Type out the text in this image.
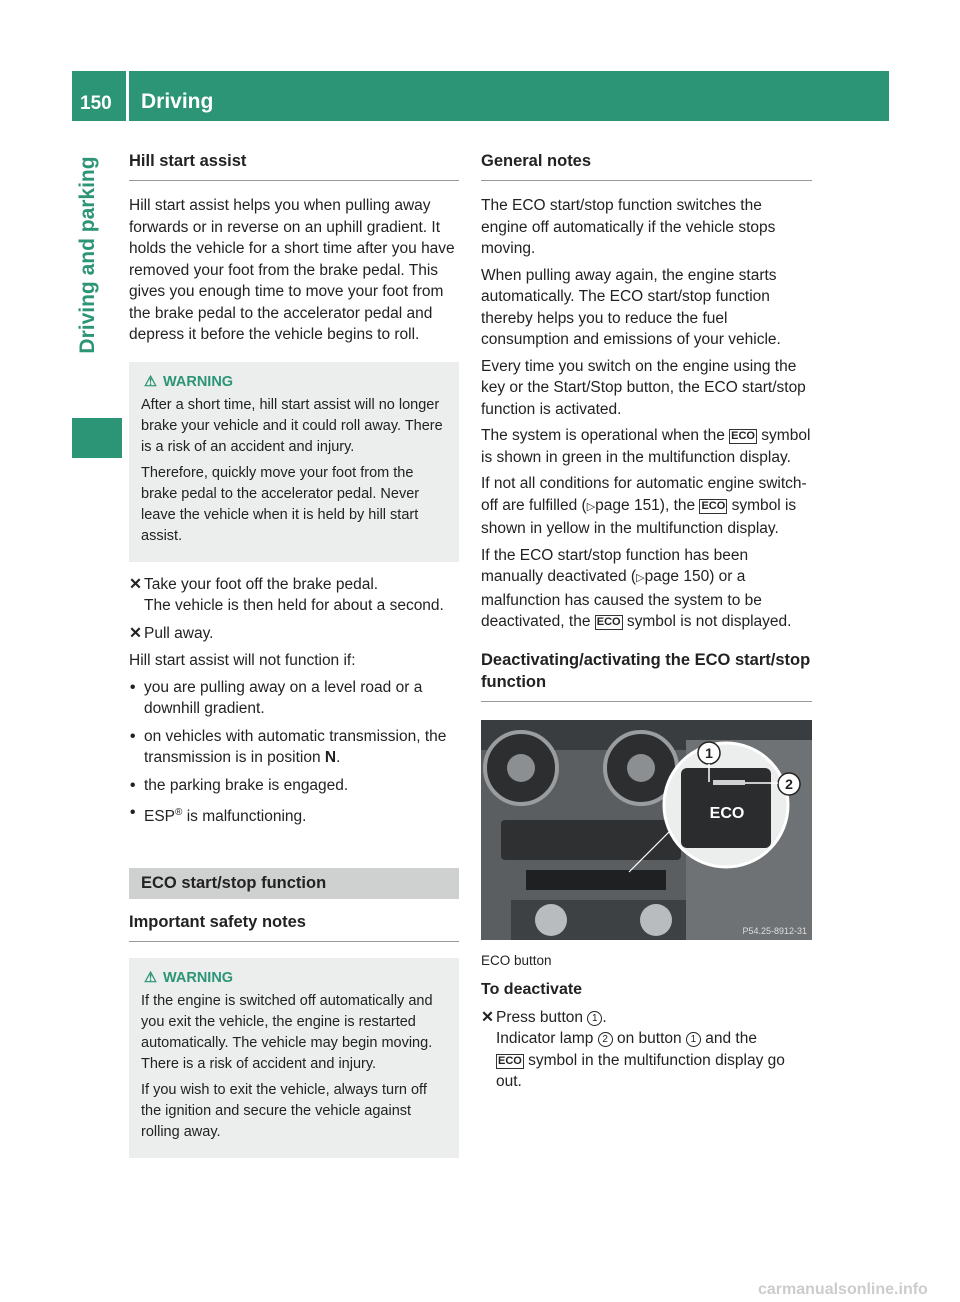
150 Driving
Driving and parking Hill start assist

Hill start assist helps you when pulling away forwards or in reverse on an uphill gradient. It holds the vehicle for a short time after you have removed your foot from the brake pedal. This gives you enough time to move your foot from the brake pedal to the accelerator pedal and depress it before the vehicle begins to roll.

⚠ WARNING

After a short time, hill start assist will no longer brake your vehicle and it could roll away. There is a risk of an accident and injury.

Therefore, quickly move your foot from the brake pedal to the accelerator pedal. Never leave the vehicle when it is held by hill start assist.

✕ Take your foot off the brake pedal.
The vehicle is then held for about a second.
✕ Pull away.

Hill start assist will not function if:

• you are pulling away on a level road or a downhill gradient.
• on vehicles with automatic transmission, the transmission is in position N.
• the parking brake is engaged.
• ESP® is malfunctioning.
ECO start/stop function
Important safety notes
⚠ WARNING

If the engine is switched off automatically and you exit the vehicle, the engine is restarted automatically. The vehicle may begin moving. There is a risk of accident and injury.

If you wish to exit the vehicle, always turn off the ignition and secure the vehicle against rolling away.

General notes

The ECO start/stop function switches the engine off automatically if the vehicle stops moving.

When pulling away again, the engine starts automatically. The ECO start/stop function thereby helps you to reduce the fuel consumption and emissions of your vehicle.

Every time you switch on the engine using the key or the Start/Stop button, the ECO start/stop function is activated.

The system is operational when the ECO symbol is shown in green in the multifunction display.

If not all conditions for automatic engine switch-off are fulfilled (▷page 151), the ECO symbol is shown in yellow in the multifunction display.

If the ECO start/stop function has been manually deactivated (▷page 150) or a malfunction has caused the system to be deactivated, the ECO symbol is not displayed.

Deactivating/activating the ECO start/stop function
ECO
1
2
P54.25-8912-31
ECO button
To deactivate
✕ Press button 1 .
Indicator lamp 2 on button 1 and the
ECO symbol in the multifunction display go out.
carmanualsonline.info
